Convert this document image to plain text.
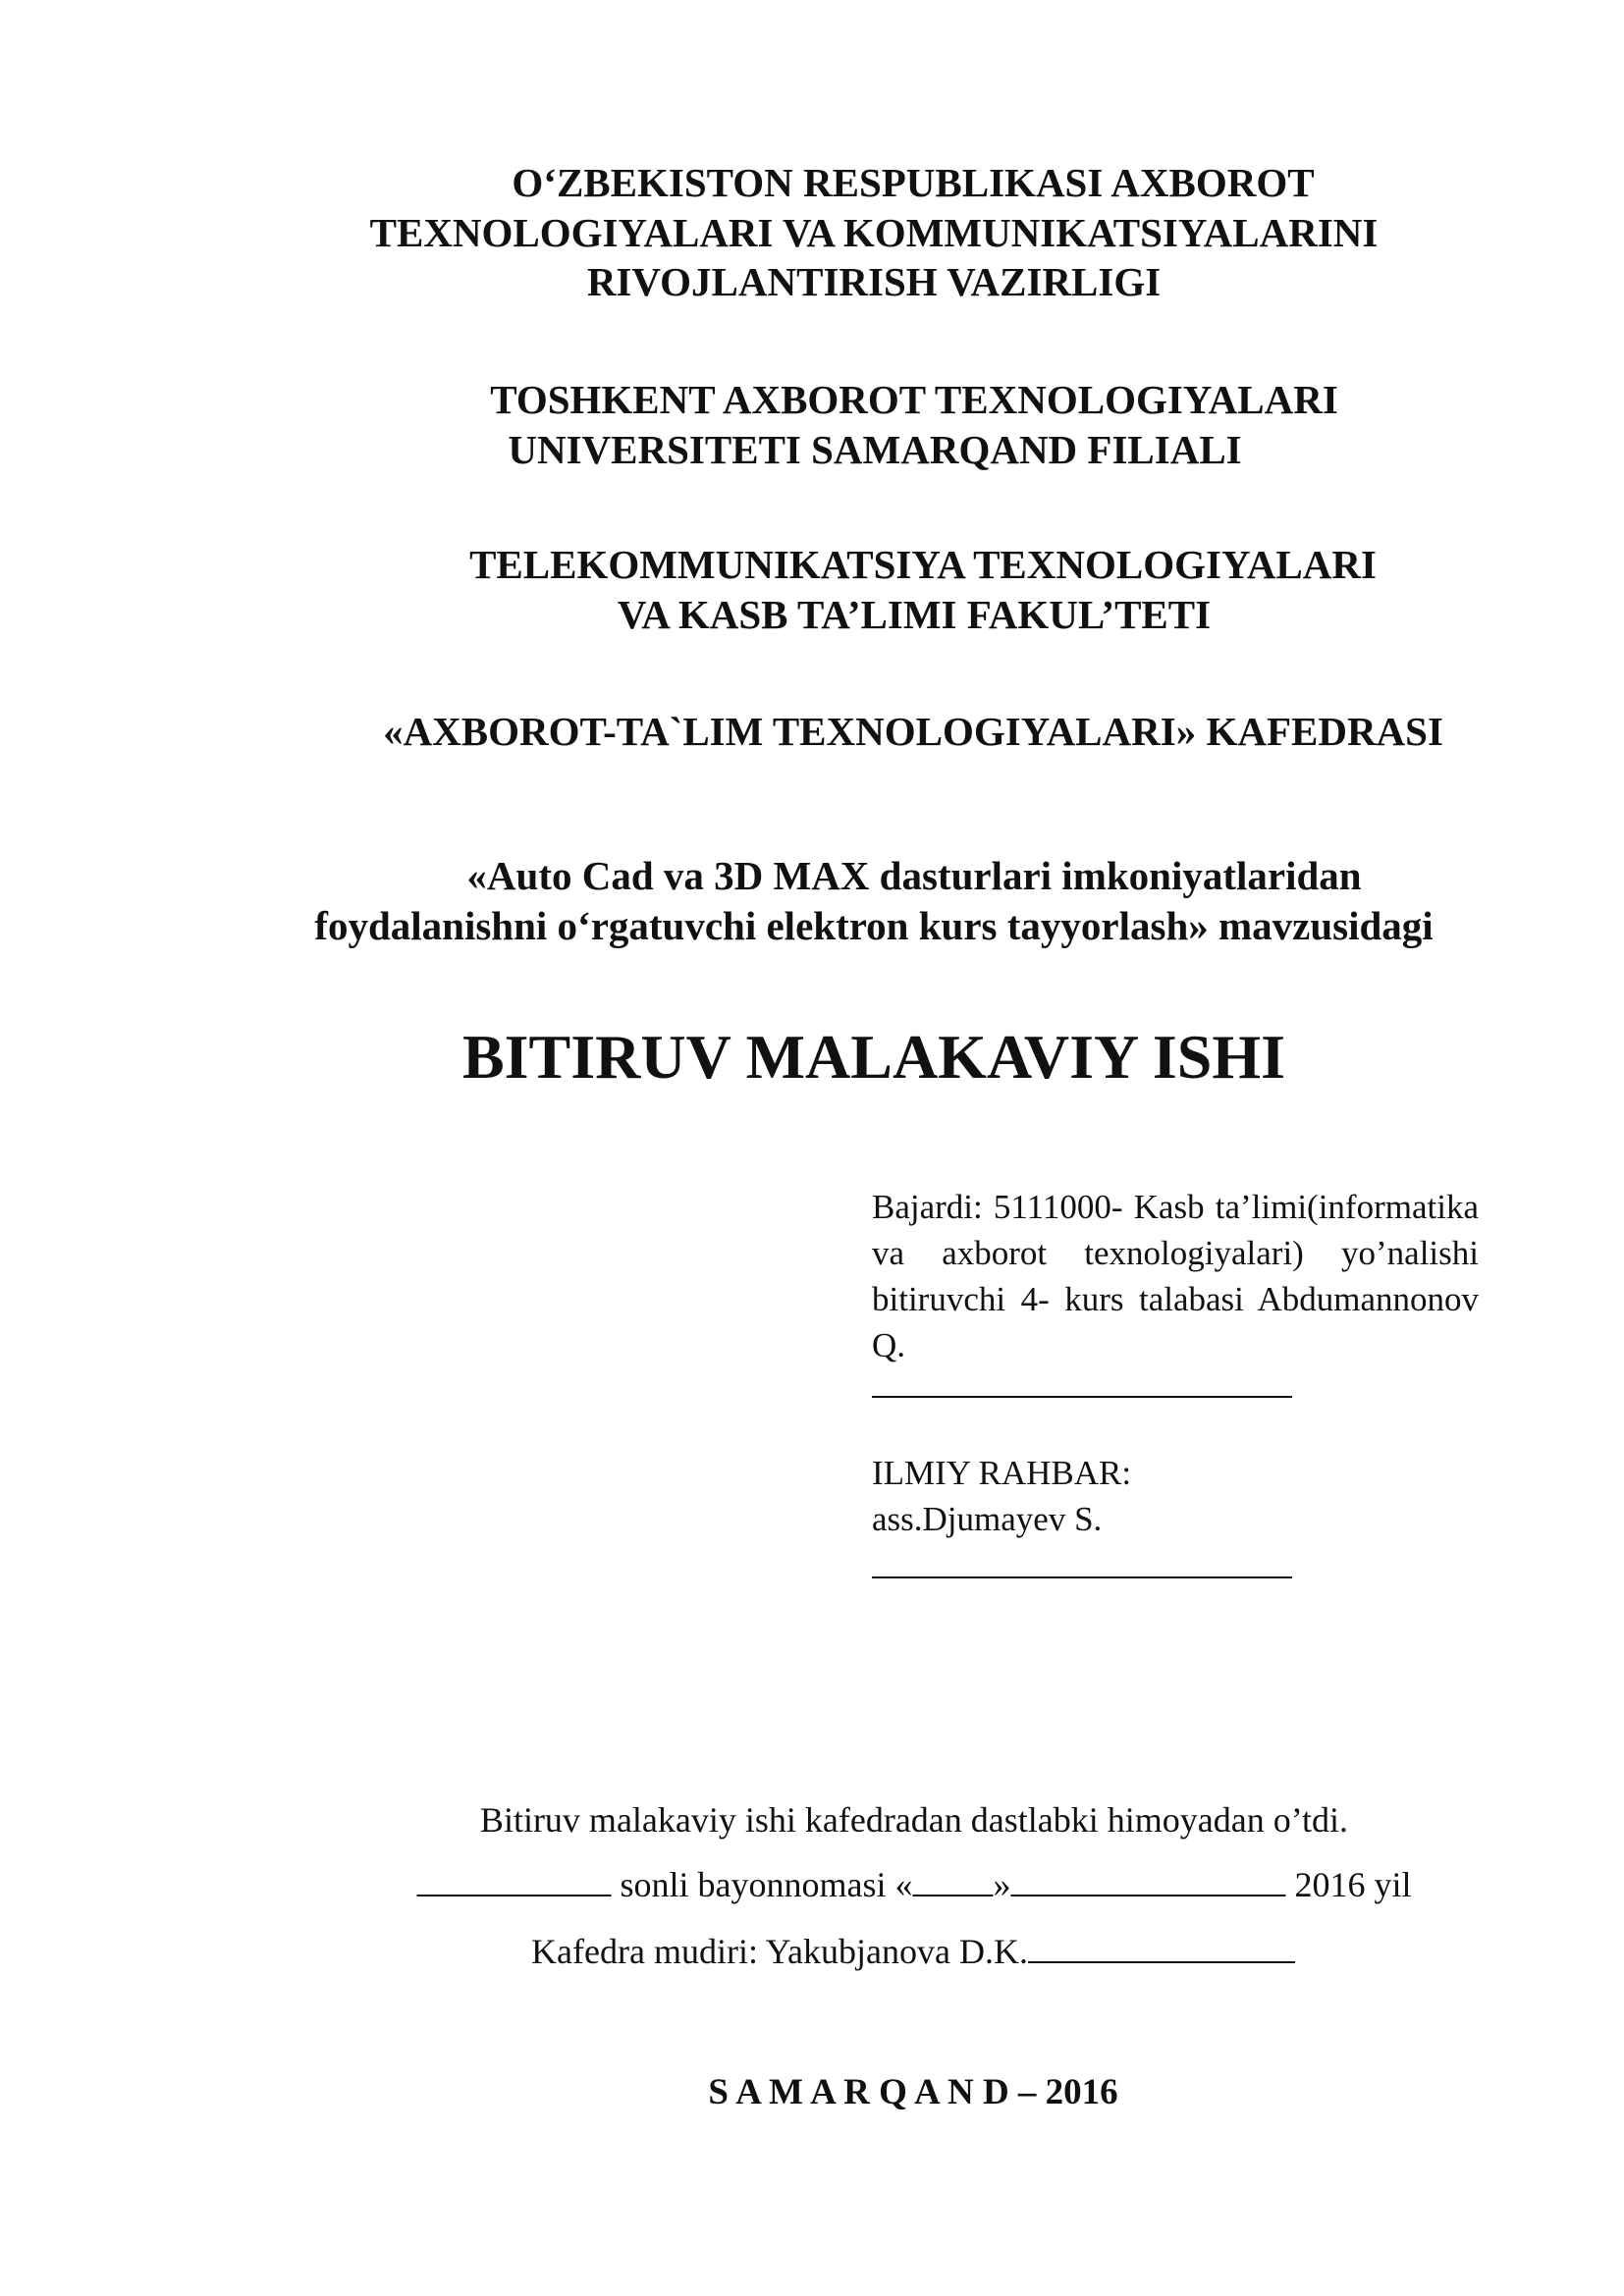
O‘ZBEKISTON RESPUBLIKASI AXBOROT
TEXNOLOGIYALARI VA KOMMUNIKATSIYALARINI
RIVOJLANTIRISH VAZIRLIGI
TOSHKENT AXBOROT TEXNOLOGIYALARI
UNIVERSITETI SAMARQAND FILIALI
TELEKOMMUNIKATSIYA TEXNOLOGIYALARI
VA KASB TA’LIMI FAKUL’TETI
«AXBOROT-TA`LIM TEXNOLOGIYALARI» KAFEDRASI
«Auto Cad va 3D MAX dasturlari imkoniyatlaridan
foydalanishni o‘rgatuvchi elektron kurs tayyorlash» mavzusidagi
BITIRUV MALAKAVIY ISHI
Bajardi: 5111000- Kasb ta’limi(informatika va axborot texnologiyalari) yo’nalishi bitiruvchi 4- kurs talabasi Abdumannonov Q.
ILMIY RAHBAR:
ass.Djumayev S.
Bitiruv malakaviy ishi kafedradan dastlabki himoyadan o’tdi.
sonli bayonnomasi « »	2016 yil
Kafedra mudiri: Yakubjanova D.K.
S A M A R Q A N D – 2016
